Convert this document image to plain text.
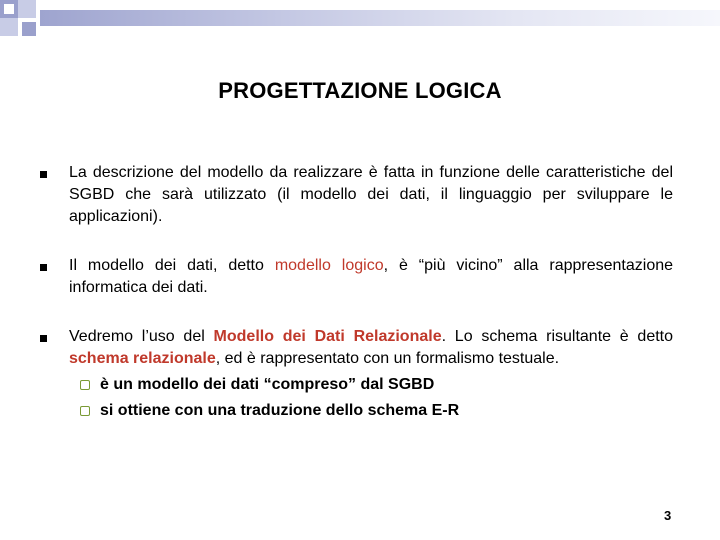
PROGETTAZIONE LOGICA
La descrizione del modello da realizzare è fatta in funzione delle caratteristiche del SGBD che sarà utilizzato (il modello dei dati, il linguaggio per sviluppare le applicazioni).
Il modello dei dati, detto modello logico, è “più vicino” alla rappresentazione informatica dei dati.
Vedremo l’uso del Modello dei Dati Relazionale. Lo schema risultante è detto schema relazionale, ed è rappresentato con un formalismo testuale.
è un modello dei dati “compreso” dal SGBD
si ottiene con una traduzione dello schema E-R
3
